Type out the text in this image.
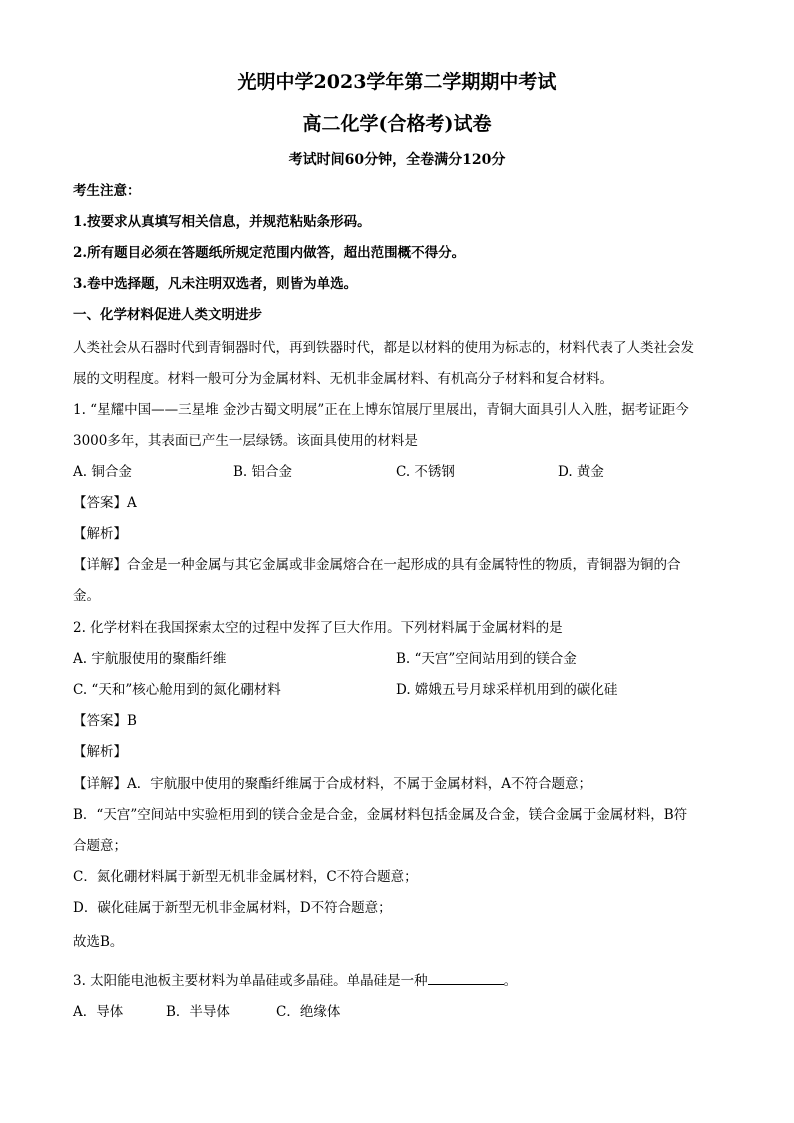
光明中学2023学年第二学期期中考试
高二化学(合格考)试卷
考试时间60分钟，全卷满分120分
考生注意：
1.按要求从真填写相关信息，并规范粘贴条形码。
2.所有题目必须在答题纸所规定范围内做答，超出范围概不得分。
3.卷中选择题，凡未注明双选者，则皆为单选。
一、化学材料促进人类文明进步
人类社会从石器时代到青铜器时代，再到铁器时代，都是以材料的使用为标志的，材料代表了人类社会发
展的文明程度。材料一般可分为金属材料、无机非金属材料、有机高分子材料和复合材料。
1. “星耀中国——三星堆 金沙古蜀文明展”正在上博东馆展厅里展出，青铜大面具引人入胜，据考证距今
3000多年，其表面已产生一层绿锈。该面具使用的材料是
A. 铜合金	B. 铝合金	C. 不锈钢	D. 黄金
【答案】A
【解析】
【详解】合金是一种金属与其它金属或非金属熔合在一起形成的具有金属特性的物质，青铜器为铜的合
金。
2. 化学材料在我国探索太空的过程中发挥了巨大作用。下列材料属于金属材料的是
A. 宇航服使用的聚酯纤维	B. “天宫”空间站用到的镁合金
C. “天和”核心舱用到的氮化硼材料	D. 嫦娥五号月球采样机用到的碳化硅
【答案】B
【解析】
【详解】A．宇航服中使用的聚酯纤维属于合成材料，不属于金属材料，A不符合题意；
B．“天宫”空间站中实验柜用到的镁合金是合金，金属材料包括金属及合金，镁合金属于金属材料，B符
合题意；
C．氮化硼材料属于新型无机非金属材料，C不符合题意；
D．碳化硅属于新型无机非金属材料，D不符合题意；
故选B。
3. 太阳能电池板主要材料为单晶硅或多晶硅。单晶硅是一种	。
A．导体	B．半导体	C．绝缘体
